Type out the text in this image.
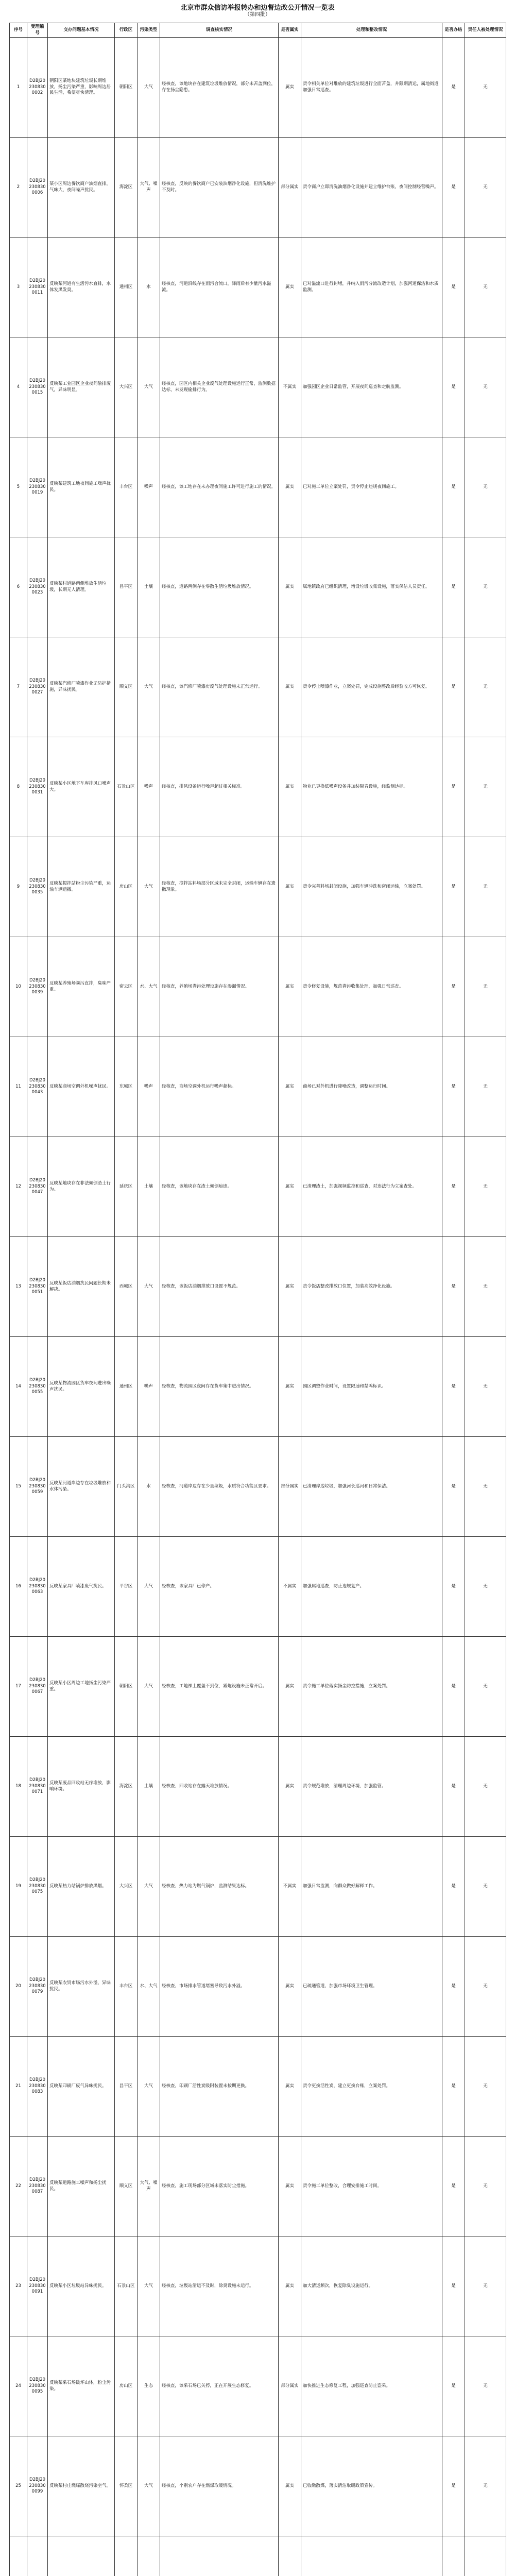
北京市群众信访举报转办和边督边改公开情况一览表
（第四批）
序号	受理编号	交办问题基本情况	行政区	污染类型	调查核实情况	是否属实	处理和整改情况	是否办结	责任人被处理情况
1	D2BJ202308300002	朝阳区某地块建筑垃圾长期堆放，扬尘污染严重，影响周边居民生活，希望尽快清理。	朝阳区	大气	经核查，该地块存在建筑垃圾堆放情况，部分未苫盖到位，存在扬尘隐患。	属实	责令相关单位对堆放的建筑垃圾进行全面苫盖，并限期清运，属地街道加强日常巡查。	是	无
2	D2BJ202308300006	某小区周边餐饮商户油烟直排，气味大，夜间噪声扰民。	海淀区	大气、噪声	经核查，反映的餐饮商户已安装油烟净化设施，但清洗维护不及时。	部分属实	责令商户立即清洗油烟净化设施并建立维护台账，夜间控制经营噪声。	是	无
3	D2BJ202308300011	反映某河道有生活污水直排，水体发黑发臭。	通州区	水	经核查，河道沿线存在雨污合流口，降雨后有少量污水溢流。	属实	已对溢流口进行封堵，并纳入雨污分流改造计划，加强河道保洁和水质监测。	是	无
4	D2BJ202308300015	反映某工业园区企业夜间偷排废气，异味明显。	大兴区	大气	经核查，园区内相关企业废气处理设施运行正常，监测数据达标，未发现偷排行为。	不属实	加强园区企业日常监管，开展夜间巡查和走航监测。	是	无
5	D2BJ202308300019	反映某建筑工地夜间施工噪声扰民。	丰台区	噪声	经核查，该工地存在未办理夜间施工许可进行施工的情况。	属实	已对施工单位立案处罚，责令停止违规夜间施工。	是	无
6	D2BJ202308300023	反映某村道路两侧堆放生活垃圾，长期无人清理。	昌平区	土壤	经核查，道路两侧存在零散生活垃圾堆放情况。	属实	属地镇政府已组织清理，增设垃圾收集设施，落实保洁人员责任。	是	无
7	D2BJ202308300027	反映某汽修厂喷漆作业无防护措施，异味扰民。	顺义区	大气	经核查，该汽修厂喷漆房废气处理设施未正常运行。	属实	责令停止喷漆作业，立案处罚，完成设施整改后经验收方可恢复。	是	无
8	D2BJ202308300031	反映某小区地下车库排风口噪声大。	石景山区	噪声	经核查，排风设备运行噪声超过相关标准。	属实	物业已更换低噪声设备并加装隔音设施，经监测达标。	是	无
9	D2BJ202308300035	反映某搅拌站粉尘污染严重，运输车辆遗撒。	房山区	大气	经核查，搅拌站料场部分区域未完全封闭，运输车辆存在遗撒现象。	属实	责令完善料场封闭设施，加强车辆冲洗和密闭运输，立案处罚。	是	无
10	D2BJ202308300039	反映某养殖场粪污直排，臭味严重。	密云区	水、大气	经核查，养殖场粪污处理设施存在渗漏情况。	属实	责令修复设施，规范粪污收集处理，加强日常巡查。	是	无
11	D2BJ202308300043	反映某商场空调外机噪声扰民。	东城区	噪声	经核查，商场空调外机运行噪声超标。	属实	商场已对外机进行降噪改造，调整运行时间。	是	无
12	D2BJ202308300047	反映某地块存在非法倾倒渣土行为。	延庆区	土壤	经核查，该地块存在渣土倾倒痕迹。	属实	已清理渣土，加强视频监控和巡查，对违法行为立案查处。	是	无
13	D2BJ202308300051	反映某饭店油烟扰民问题长期未解决。	西城区	大气	经核查，该饭店油烟排放口设置不规范。	属实	责令饭店整改排放口位置，加装高效净化设施。	是	无
14	D2BJ202308300055	反映某物流园区货车夜间进出噪声扰民。	通州区	噪声	经核查，物流园区夜间存在货车集中进出情况。	属实	园区调整作业时间，设置限速和禁鸣标识。	是	无
15	D2BJ202308300059	反映某河道岸边存在垃圾堆放和水体污染。	门头沟区	水	经核查，河道岸边存在少量垃圾，水质符合功能区要求。	部分属实	已清理岸边垃圾，加强河长巡河和日常保洁。	是	无
16	D2BJ202308300063	反映某家具厂喷漆废气扰民。	平谷区	大气	经核查，该家具厂已停产。	不属实	加强属地巡查，防止违规复产。	是	无
17	D2BJ202308300067	反映某小区周边工地扬尘污染严重。	朝阳区	大气	经核查，工地裸土覆盖不到位，雾炮设施未正常开启。	属实	责令施工单位落实扬尘防控措施，立案处罚。	是	无
18	D2BJ202308300071	反映某废品回收站无序堆放，影响环境。	海淀区	土壤	经核查，回收站存在露天堆放情况。	属实	责令规范堆放，清理周边环境，加强监管。	是	无
19	D2BJ202308300075	反映某热力站锅炉排放黑烟。	大兴区	大气	经核查，热力站为燃气锅炉，监测结果达标。	不属实	加强日常监测，向群众做好解释工作。	是	无
20	D2BJ202308300079	反映某农贸市场污水外溢，异味扰民。	丰台区	水、大气	经核查，市场排水管道堵塞导致污水外溢。	属实	已疏通管道，加强市场环境卫生管理。	是	无
21	D2BJ202308300083	反映某印刷厂废气异味扰民。	昌平区	大气	经核查，印刷厂活性炭吸附装置未按期更换。	属实	责令更换活性炭，建立更换台账，立案处罚。	是	无
22	D2BJ202308300087	反映某道路施工噪声和扬尘扰民。	顺义区	大气、噪声	经核查，施工现场部分区域未落实防尘措施。	属实	责令施工单位整改，合理安排施工时间。	是	无
23	D2BJ202308300091	反映某小区垃圾站异味扰民。	石景山区	大气	经核查，垃圾站清运不及时，除臭设施未运行。	属实	加大清运频次，恢复除臭设施运行。	是	无
24	D2BJ202308300095	反映某采石场破坏山体，粉尘污染。	房山区	生态	经核查，该采石场已关停，正在开展生态修复。	部分属实	加快推进生态修复工程，加强巡查防止盗采。	是	无
25	D2BJ202308300099	反映某村庄燃煤散烧污染空气。	怀柔区	大气	经核查，个别农户存在燃煤取暖情况。	属实	已收缴散煤，落实清洁取暖政策宣传。	是	无
